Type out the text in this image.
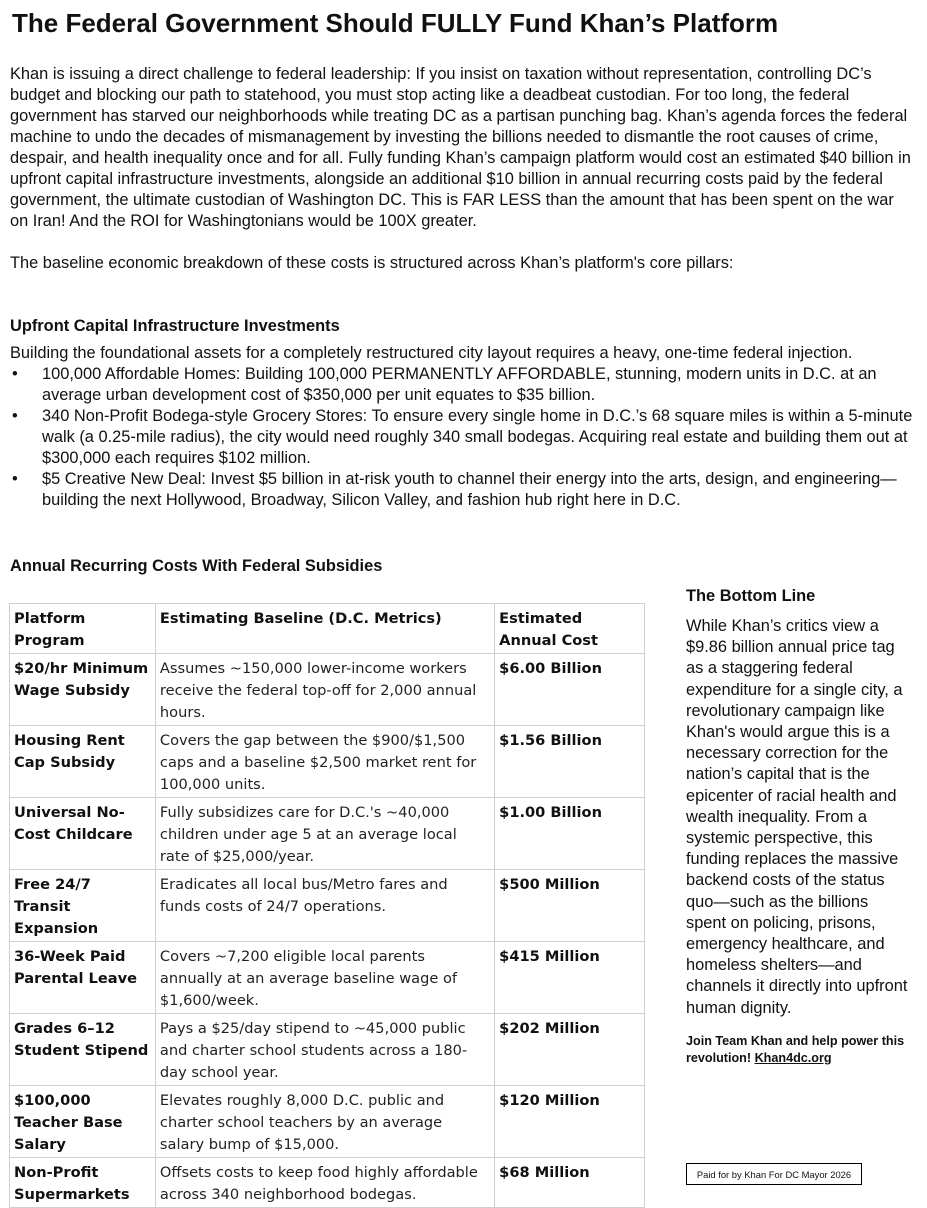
The Federal Government Should FULLY Fund Khan’s Platform

Khan is issuing a direct challenge to federal leadership: If you insist on taxation without representation, controlling DC’s budget and blocking our path to statehood, you must stop acting like a deadbeat custodian. For too long, the federal government has starved our neighborhoods while treating DC as a partisan punching bag. Khan’s agenda forces the federal machine to undo the decades of mismanagement by investing the billions needed to dismantle the root causes of crime, despair, and health inequality once and for all. Fully funding Khan’s campaign platform would cost an estimated $40 billion in upfront capital infrastructure investments, alongside an additional $10 billion in annual recurring costs paid by the federal government, the ultimate custodian of Washington DC. This is FAR LESS than the amount that has been spent on the war on Iran! And the ROI for Washingtonians would be 100X greater.

The baseline economic breakdown of these costs is structured across Khan’s platform's core pillars:

Upfront Capital Infrastructure Investments
Building the foundational assets for a completely restructured city layout requires a heavy, one-time federal injection.
• 100,000 Affordable Homes: Building 100,000 PERMANENTLY AFFORDABLE, stunning, modern units in D.C. at an average urban development cost of $350,000 per unit equates to $35 billion.
• 340 Non-Profit Bodega-style Grocery Stores: To ensure every single home in D.C.’s 68 square miles is within a 5-minute walk (a 0.25-mile radius), the city would need roughly 340 small bodegas. Acquiring real estate and building them out at $300,000 each requires $102 million.
• $5 Creative New Deal: Invest $5 billion in at-risk youth to channel their energy into the arts, design, and engineering—building the next Hollywood, Broadway, Silicon Valley, and fashion hub right here in D.C.
Annual Recurring Costs With Federal Subsidies
Platform Program	Estimating Baseline (D.C. Metrics)	Estimated Annual Cost
$20/hr Minimum Wage Subsidy	Assumes ~150,000 lower-income workers receive the federal top-off for 2,000 annual hours.	$6.00 Billion
Housing Rent Cap Subsidy	Covers the gap between the $900/$1,500 caps and a baseline $2,500 market rent for 100,000 units.	$1.56 Billion
Universal No-Cost Childcare	Fully subsidizes care for D.C.'s ~40,000 children under age 5 at an average local rate of $25,000/year.	$1.00 Billion
Free 24/7 Transit Expansion	Eradicates all local bus/Metro fares and funds costs of 24/7 operations.	$500 Million
36-Week Paid Parental Leave	Covers ~7,200 eligible local parents annually at an average baseline wage of $1,600/week.	$415 Million
Grades 6–12 Student Stipend	Pays a $25/day stipend to ~45,000 public and charter school students across a 180-day school year.	$202 Million
$100,000 Teacher Base Salary	Elevates roughly 8,000 D.C. public and charter school teachers by an average salary bump of $15,000.	$120 Million
Non-Profit Supermarkets	Offsets costs to keep food highly affordable across 340 neighborhood bodegas.	$68 Million
The Bottom Line
While Khan’s critics view a $9.86 billion annual price tag as a staggering federal expenditure for a single city, a revolutionary campaign like Khan's would argue this is a necessary correction for the nation’s capital that is the epicenter of racial health and wealth inequality. From a systemic perspective, this funding replaces the massive backend costs of the status quo—such as the billions spent on policing, prisons, emergency healthcare, and homeless shelters—and channels it directly into upfront human dignity.
Join Team Khan and help power this revolution! Khan4dc.org
Paid for by Khan For DC Mayor 2026
